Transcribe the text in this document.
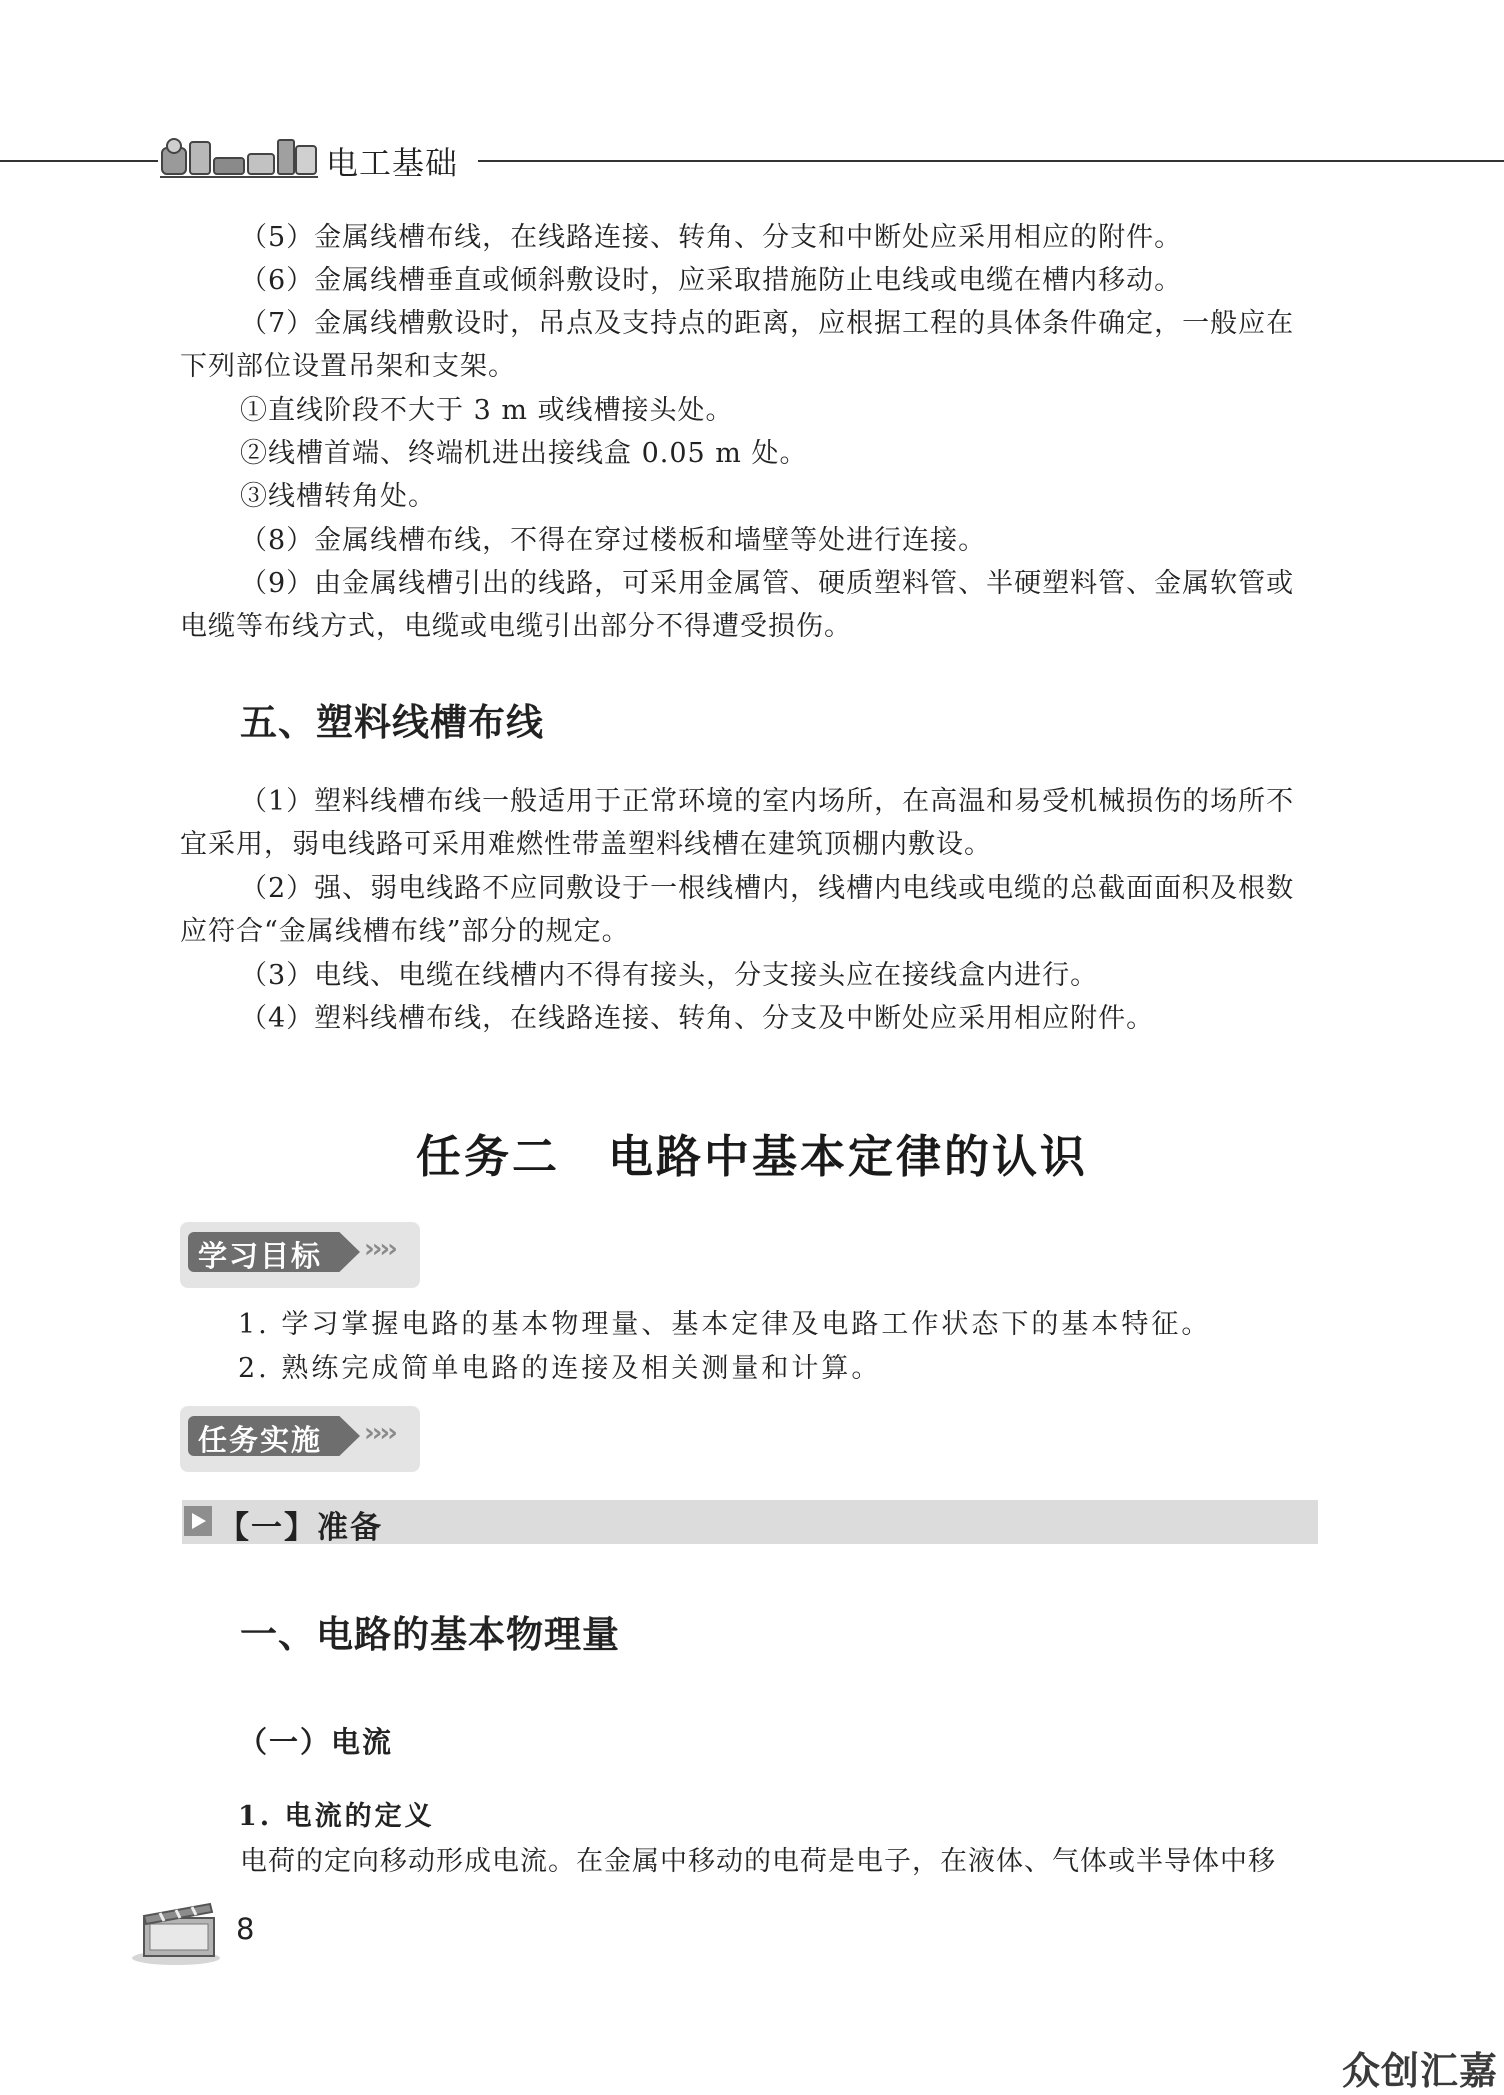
电工基础

（5）金属线槽布线，在线路连接、转角、分支和中断处应采用相应的附件。

（6）金属线槽垂直或倾斜敷设时，应采取措施防止电线或电缆在槽内移动。

（7）金属线槽敷设时，吊点及支持点的距离，应根据工程的具体条件确定，一般应在下列部位设置吊架和支架。

①直线阶段不大于 3 m 或线槽接头处。

②线槽首端、终端机进出接线盒 0.05 m 处。

③线槽转角处。

（8）金属线槽布线，不得在穿过楼板和墙壁等处进行连接。

（9）由金属线槽引出的线路，可采用金属管、硬质塑料管、半硬塑料管、金属软管或电缆等布线方式，电缆或电缆引出部分不得遭受损伤。

五、塑料线槽布线

（1）塑料线槽布线一般适用于正常环境的室内场所，在高温和易受机械损伤的场所不宜采用，弱电线路可采用难燃性带盖塑料线槽在建筑顶棚内敷设。

（2）强、弱电线路不应同敷设于一根线槽内，线槽内电线或电缆的总截面面积及根数应符合“金属线槽布线”部分的规定。

（3）电线、电缆在线槽内不得有接头，分支接头应在接线盒内进行。

（4）塑料线槽布线，在线路连接、转角、分支及中断处应采用相应附件。

任务二　电路中基本定律的认识
学习目标 ››››

1. 学习掌握电路的基本物理量、基本定律及电路工作状态下的基本特征。

2. 熟练完成简单电路的连接及相关测量和计算。

任务实施 ››››
【一】准备
一、电路的基本物理量
（一）电流
1. 电流的定义

电荷的定向移动形成电流。在金属中移动的电荷是电子，在液体、气体或半导体中移

8
众创汇嘉
